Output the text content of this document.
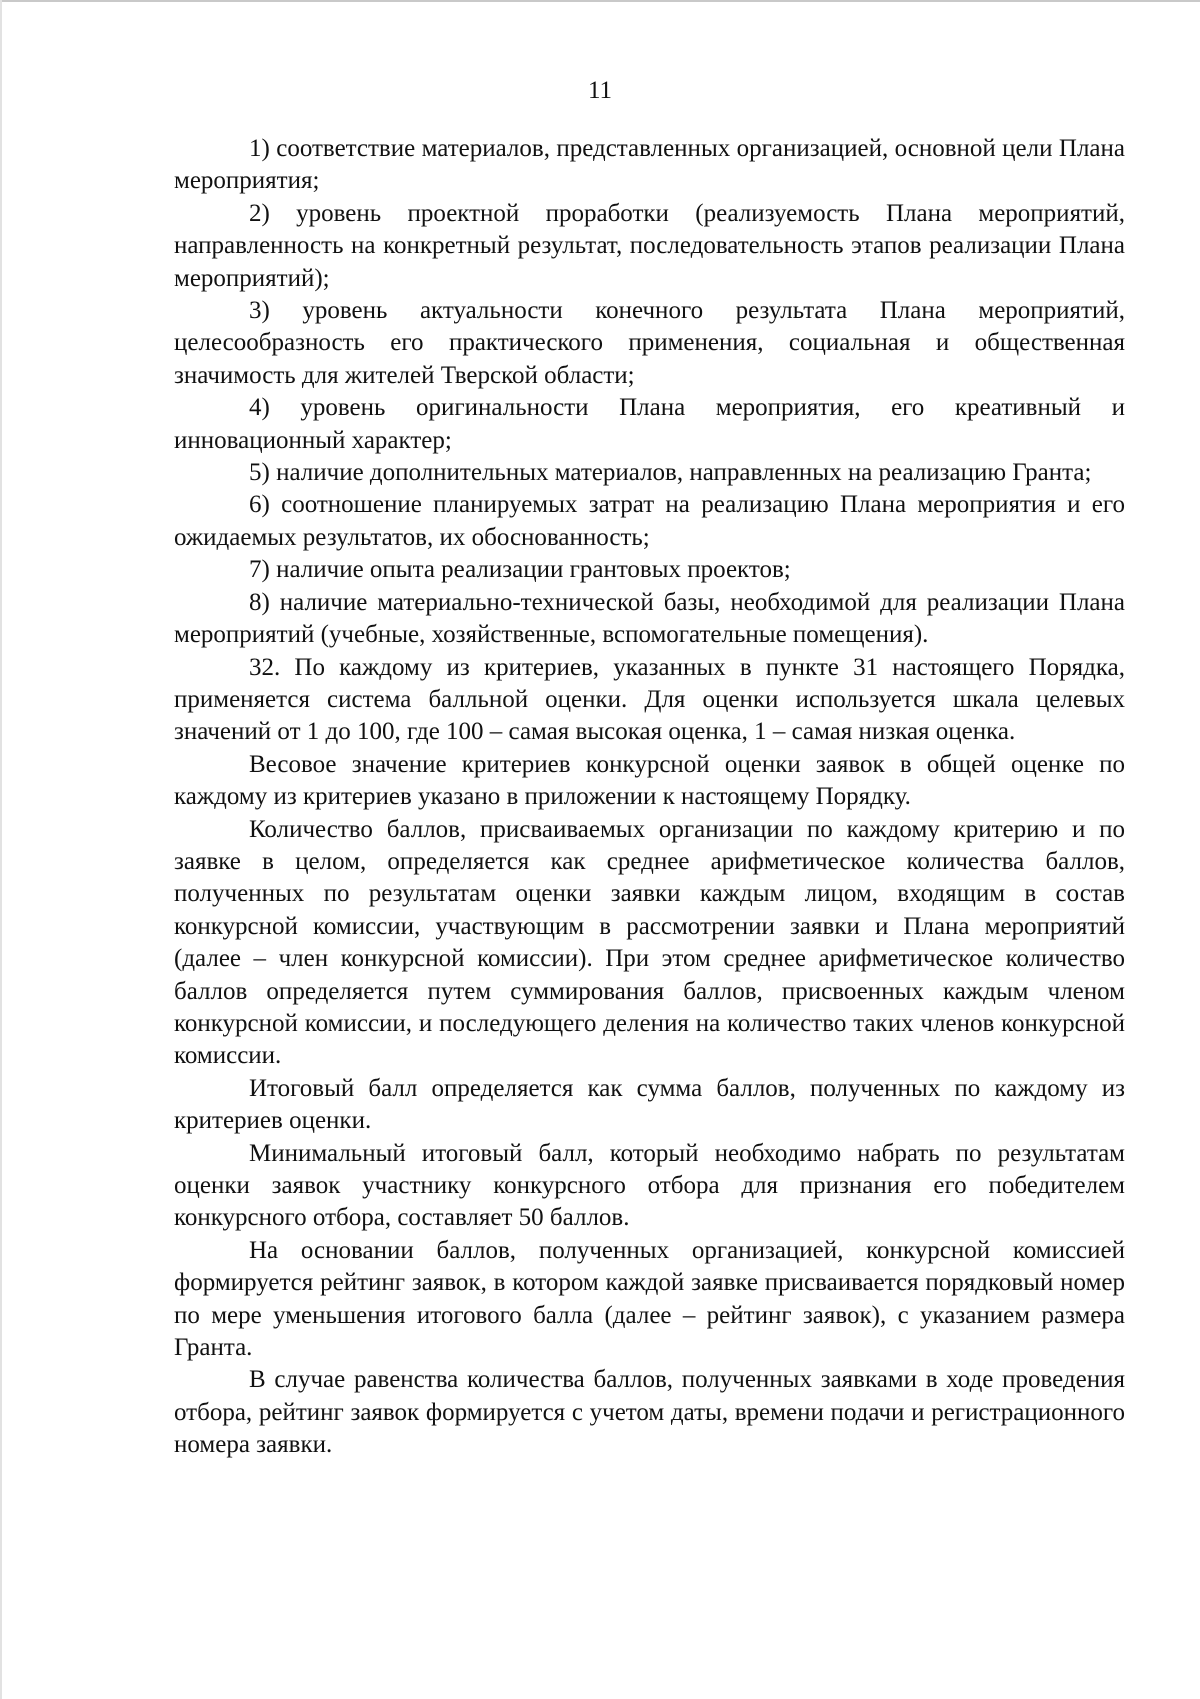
11

1) соответствие материалов, представленных организацией, основной цели Плана мероприятия;

2) уровень проектной проработки (реализуемость Плана мероприятий, направленность на конкретный результат, последовательность этапов реализации Плана мероприятий);

3) уровень актуальности конечного результата Плана мероприятий, целесообразность его практического применения, социальная и общественная значимость для жителей Тверской области;

4) уровень оригинальности Плана мероприятия, его креативный и инновационный характер;

5) наличие дополнительных материалов, направленных на реализацию Гранта;

6) соотношение планируемых затрат на реализацию Плана мероприятия и его ожидаемых результатов, их обоснованность;

7) наличие опыта реализации грантовых проектов;

8) наличие материально-технической базы, необходимой для реализации Плана мероприятий (учебные, хозяйственные, вспомогательные помещения).

32. По каждому из критериев, указанных в пункте 31 настоящего Порядка, применяется система балльной оценки. Для оценки используется шкала целевых значений от 1 до 100, где 100 – самая высокая оценка, 1 – самая низкая оценка.

Весовое значение критериев конкурсной оценки заявок в общей оценке по каждому из критериев указано в приложении к настоящему Порядку.

Количество баллов, присваиваемых организации по каждому критерию и по заявке в целом, определяется как среднее арифметическое количества баллов, полученных по результатам оценки заявки каждым лицом, входящим в состав конкурсной комиссии, участвующим в рассмотрении заявки и Плана мероприятий (далее – член конкурсной комиссии). При этом среднее арифметическое количество баллов определяется путем суммирования баллов, присвоенных каждым членом конкурсной комиссии, и последующего деления на количество таких членов конкурсной комиссии.

Итоговый балл определяется как сумма баллов, полученных по каждому из критериев оценки.

Минимальный итоговый балл, который необходимо набрать по результатам оценки заявок участнику конкурсного отбора для признания его победителем конкурсного отбора, составляет 50 баллов.

На основании баллов, полученных организацией, конкурсной комиссией формируется рейтинг заявок, в котором каждой заявке присваивается порядковый номер по мере уменьшения итогового балла (далее – рейтинг заявок), с указанием размера Гранта.

В случае равенства количества баллов, полученных заявками в ходе проведения отбора, рейтинг заявок формируется с учетом даты, времени подачи и регистрационного номера заявки.
